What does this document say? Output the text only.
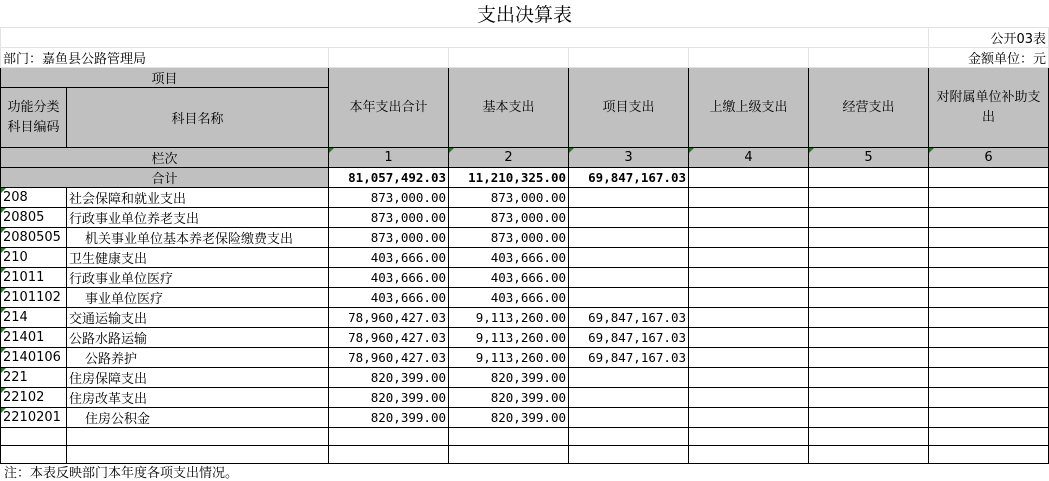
支出决算表
							公开03表
部门：嘉鱼县公路管理局							金额单位：元
项目		本年支出合计	基本支出	项目支出	上缴上级支出	经营支出	对附属单位补助支出
功能分类科目编码	科目名称						
栏次		1	2	3	4	5	6
合计		81,057,492.03	11,210,325.00	69,847,167.03			
208	社会保障和就业支出	873,000.00	873,000.00				
20805	行政事业单位养老支出	873,000.00	873,000.00				
2080505	机关事业单位基本养老保险缴费支出	873,000.00	873,000.00				
210	卫生健康支出	403,666.00	403,666.00				
21011	行政事业单位医疗	403,666.00	403,666.00				
2101102	事业单位医疗	403,666.00	403,666.00				
214	交通运输支出	78,960,427.03	9,113,260.00	69,847,167.03			
21401	公路水路运输	78,960,427.03	9,113,260.00	69,847,167.03			
2140106	公路养护	78,960,427.03	9,113,260.00	69,847,167.03			
221	住房保障支出	820,399.00	820,399.00				
22102	住房改革支出	820,399.00	820,399.00				
2210201	住房公积金	820,399.00	820,399.00				

注：本表反映部门本年度各项支出情况。
